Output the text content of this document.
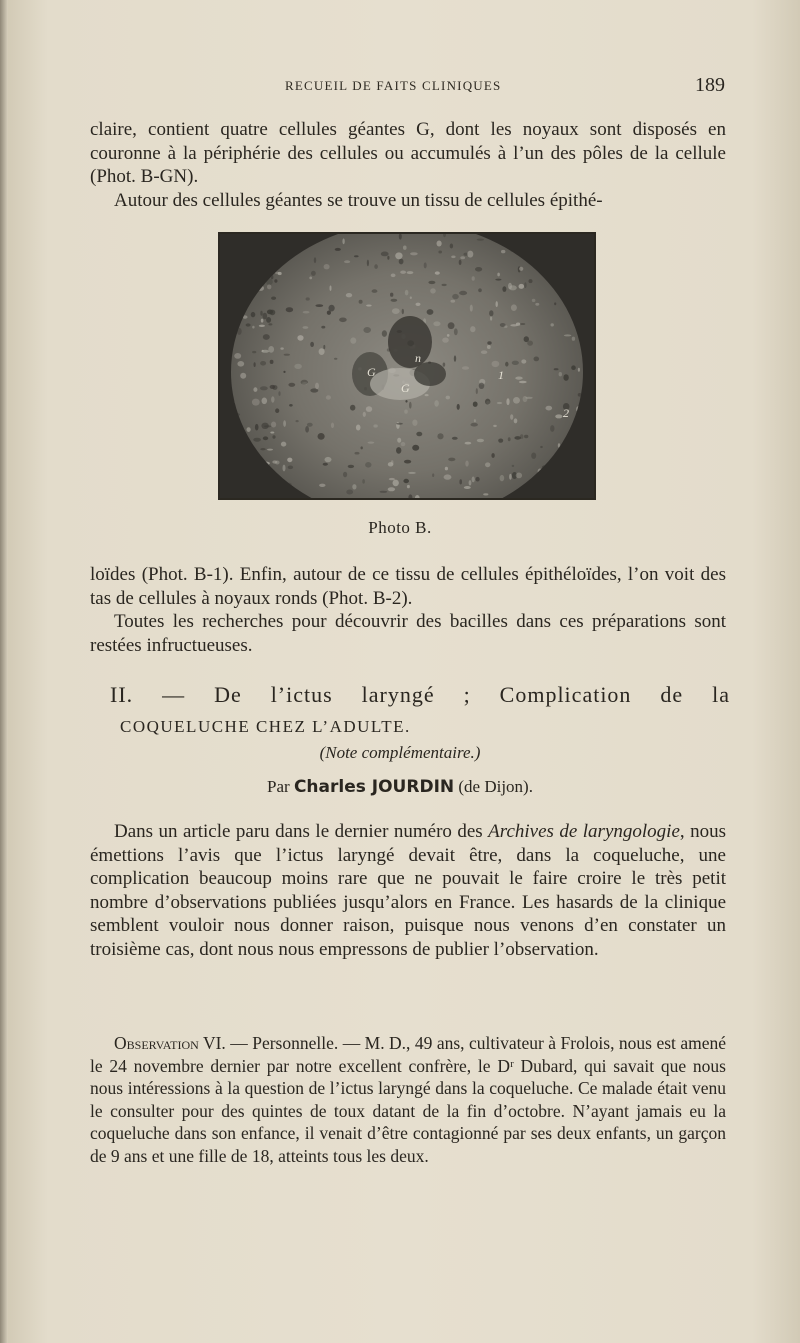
RECUEIL DE FAITS CLINIQUES	189

claire, contient quatre cellules géantes G, dont les noyaux sont disposés en couronne à la périphérie des cellules ou accumulés à l’un des pôles de la cellule (Phot. B-GN).

Autour des cellules géantes se trouve un tissu de cellules épithé-

n
G
G
1
2
Photo B.

loïdes (Phot. B-1). Enfin, autour de ce tissu de cellules épithéloïdes, l’on voit des tas de cellules à noyaux ronds (Phot. B-2).

Toutes les recherches pour découvrir des bacilles dans ces préparations sont restées infructueuses.

II. — De l’ictus laryngé ; Complication de la
COQUELUCHE CHEZ L’ADULTE.
(Note complémentaire.)
Par Charles JOURDIN (de Dijon).

Dans un article paru dans le dernier numéro des Archives de laryngologie, nous émettions l’avis que l’ictus laryngé devait être, dans la coqueluche, une complication beaucoup moins rare que ne pouvait le faire croire le très petit nombre d’observations publiées jusqu’alors en France. Les hasards de la clinique semblent vouloir nous donner raison, puisque nous venons d’en constater un troisième cas, dont nous nous empressons de publier l’observation.

Observation VI. — Personnelle. — M. D., 49 ans, cultivateur à Frolois, nous est amené le 24 novembre dernier par notre excellent confrère, le Dʳ Dubard, qui savait que nous nous intéressions à la question de l’ictus laryngé dans la coqueluche. Ce malade était venu le consulter pour des quintes de toux datant de la fin d’octobre. N’ayant jamais eu la coqueluche dans son enfance, il venait d’être contagionné par ses deux enfants, un garçon de 9 ans et une fille de 18, atteints tous les deux.
